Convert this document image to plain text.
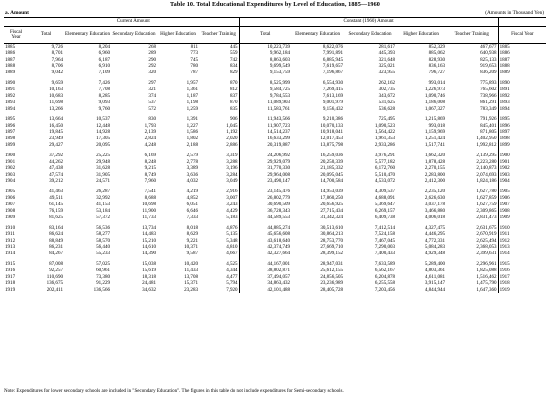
Table 10. Total Educational Expenditures by Level of Education, 1885—1960
a. Amount	(Amounts in Thousand Yen)
	Current Amount					Constant (1960) Amount					
Fiscal Year	Total	Elementary Education	Secondary Education	Higher Education	Teacher Training	Total	Elementary Education	Secondary Education	Higher Education	Teacher Training	Fiscal Year
1885	9,726	8,204	268	811	445	10,223,739	8,622,076	281,617	852,329	467,677	1885
1886	8,701	6,960	289	773	559	9,962,184	7,991,891	445,393	885,062	640,938	1886
1887	7,964	6,187	290	745	742	8,863,603	6,885,945	321,648	828,930	825,133	1887
1888	8,706	6,910	292	780	834	9,699,549	7,619,657	325,021	836,163	919,653	1888
1889	9,042	7,109	320	787	829	9,153,759	7,196,867	323,955	796,727	836,209	1889

1890	9,659	7,426	297	1,957	870	8,525,999	6,554,930	262,162	993,014	775,893	1890
1891	10,163	7,708	321	1,361	812	9,584,725	7,269,415	302,735	1,226,973	765,602	1891
1892	10,683	8,285	374	1,187	837	9,784,553	7,613,169	343,672	1,090,746	738,966	1892
1893	11,698	9,093	537	1,198	870	11,089,903	9,001,979	531,625	1,186,008	861,291	1893
1894	13,266	9,760	572	1,259	835	11,583,761	9,156,432	536,628	1,067,327	783,349	1894

1895	13,664	10,537	830	1,391	906	11,943,566	9,210,386	725,495	1,215,869	791,926	1895
1896	16,450	12,448	1,793	1,227	1,045	11,907,723	10,070,133	1,090,523	993,018	845,401	1896
1897	19,845	14,928	2,139	1,586	1,192	14,514,237	10,918,041	1,564,422	1,159,969	871,805	1897
1898	23,949	17,305	2,824	1,802	2,020	16,633,299	12,017,453	1,961,353	1,251,424	1,402,950	1898
1899	29,427	20,095	4,248	2,188	2,886	20,319,887	13,875,798	2,933,286	1,517,741	1,992,812	1899

1900	37,292	25,225	6,169	2,579	3,319	24,206,992	16,259,036	3,976,291	1,662,320	2,139,295	1900
1901	44,262	29,948	8,248	2,778	3,288	29,929,079	20,250,339	5,577,182	1,878,428	2,223,280	1901
1902	47,438	31,628	9,215	3,389	3,196	31,770,330	21,185,332	6,172,760	2,270,155	2,140,873	1902
1903	47,574	31,905	8,749	3,636	3,284	29,964,008	20,095,045	5,510,470	2,283,800	2,074,693	1903
1904	39,212	24,571	7,960	4,032	3,049	23,490,147	14,700,584	4,533,072	2,412,300	1,824,186	1904

1905	41,463	26,287	7,541	4,219	2,916	23,145,476	14,953,039	4,309,537	2,235,120	1,627,780	1905
1906	49,511	32,992	8,688	4,852	3,007	26,802,779	17,860,250	4,688,091	2,626,630	1,627,859	1906
1907	61,145	41,153	10,698	6,051	3,243	30,690,509	20,656,925	5,369,647	3,037,178	1,627,759	1907
1908	76,159	53,184	11,900	6,646	4,429	36,728,343	27,715,434	6,269,157	3,466,880	2,309,865	1908
1909	81,625	57,372	11,733	7,333	5,183	44,589,553	31,342,324	6,409,738	4,006,018	2,831,473	1909

1910	83,164	56,536	13,734	8,018	4,876	44,885,274	30,513,610	7,412,514	4,327,475	2,631,675	1910
1911	86,624	58,277	14,483	8,629	5,135	45,656,608	30,864,213	7,524,158	4,446,295	2,670,919	1911
1912	88,849	58,570	15,210	9,221	5,348	43,618,640	28,753,770	7,467,045	4,772,331	2,625,494	1912
1913	86,231	56,440	14,610	10,371	4,810	42,374,749	27,669,710	7,290,003	5,084,283	2,368,053	1913
1914	84,267	55,233	14,390	9,587	4,667	42,327,664	28,399,152	7,400,433	4,929,348	2,399,631	1914

1915	87,008	57,025	15,038	10,420	4,525	44,167,001	28,947,031	7,633,589	5,289,400	2,296,961	1915
1916	92,257	60,961	15,619	11,433	4,344	38,802,871	25,612,155	6,562,167	4,803,361	1,825,088	1916
1917	110,690	73,380	18,318	13,708	4,477	37,494,057	24,856,505	6,204,878	4,611,081	1,516,462	1917
1918	136,675	91,229	24,481	15,371	5,794	34,863,432	23,236,989	6,255,558	3,915,147	1,475,790	1918
1919	202,411	136,566	34,632	23,283	7,920	42,101,488	28,405,728	7,203,456	4,844,944	1,647,360	1919
Note: Expenditures for lower secondary schools are included in "Secondary Education". The figures in this table do not include expenditures for Semi-secondary schools.
